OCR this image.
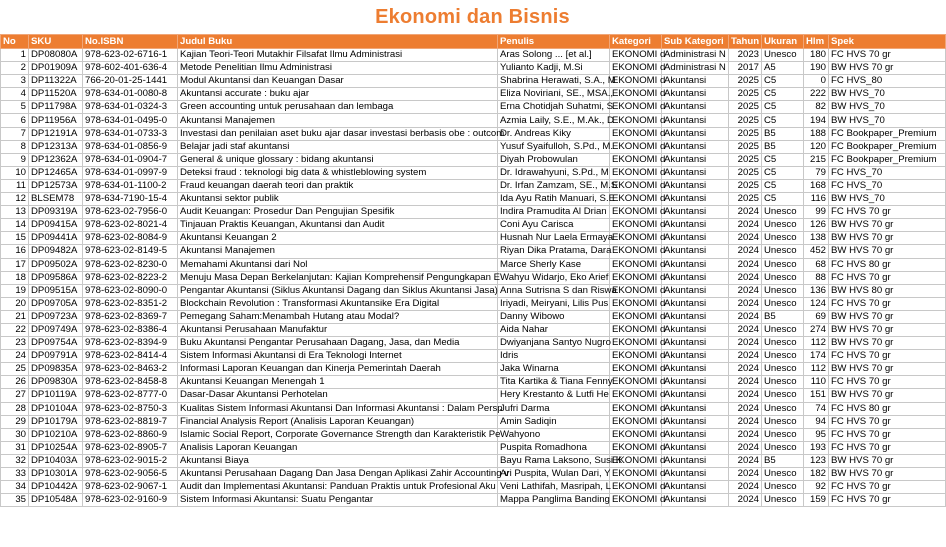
Ekonomi dan Bisnis
No	SKU	No.ISBN	Judul Buku	Penulis	Kategori	Sub Kategori	Tahun	Ukuran	Hlm	Spek
1	DP08080A	978-623-02-6716-1	Kajian Teori-Teori Mutakhir Filsafat Ilmu Administrasi	Aras Solong ... [et al.]	EKONOMI d	Administrasi N	2023	Unesco	180	FC HVS 70 gr
2	DP01909A	978-602-401-636-4	Metode Penelitian Ilmu Administrasi	Yulianto Kadji, M.Si	EKONOMI d	Administrasi N	2017	A5	190	BW HVS 70 gr
3	DP11322A	766-20-01-25-1441	Modul Akuntansi dan Keuangan Dasar	Shabrina Herawati, S.A., M	EKONOMI d	Akuntansi	2025	C5	0	FC HVS_80
4	DP11520A	978-634-01-0080-8	Akuntansi accurate : buku ajar	Eliza Noviriani, SE., MSA.,	EKONOMI d	Akuntansi	2025	C5	222	BW HVS_70
5	DP11798A	978-634-01-0324-3	Green accounting untuk perusahaan dan lembaga	Erna Chotidjah Suhatmi, S	EKONOMI d	Akuntansi	2025	C5	82	BW HVS_70
6	DP11956A	978-634-01-0495-0	Akuntansi Manajemen	Azmia Laily, S.E., M.Ak., D	EKONOMI d	Akuntansi	2025	C5	194	BW HVS_70
7	DP12191A	978-634-01-0733-3	Investasi dan penilaian aset buku ajar dasar investasi berbasis obe : outcom	Dr. Andreas Kiky	EKONOMI d	Akuntansi	2025	B5	188	FC Bookpaper_Premium
8	DP12313A	978-634-01-0856-9	Belajar jadi staf akuntansi	Yusuf Syaifulloh, S.Pd., M.	EKONOMI d	Akuntansi	2025	B5	120	FC Bookpaper_Premium
9	DP12362A	978-634-01-0904-7	General & unique glossary : bidang akuntansi	Diyah Probowulan	EKONOMI d	Akuntansi	2025	C5	215	FC Bookpaper_Premium
10	DP12465A	978-634-01-0997-9	Deteksi fraud : teknologi big data & whistleblowing system	Dr. Idrawahyuni, S.Pd., M	EKONOMI d	Akuntansi	2025	C5	79	FC HVS_70
11	DP12573A	978-634-01-1100-2	Fraud keuangan daerah teori dan praktik	Dr. Irfan Zamzam, SE., M.S	EKONOMI d	Akuntansi	2025	C5	168	FC HVS_70
12	BLSEM78	978-634-7190-15-4	Akuntansi sektor publik	Ida Ayu Ratih Manuari, S.E	EKONOMI d	Akuntansi	2025	C5	116	BW HVS_70
13	DP09319A	978-623-02-7956-0	Audit Keuangan: Prosedur Dan Pengujian Spesifik	Indira Pramudita Al Drian	EKONOMI d	Akuntansi	2024	Unesco	99	FC HVS 70 gr
14	DP09415A	978-623-02-8021-4	Tinjauan Praktis Keuangan, Akuntansi dan Audit	Coni Ayu Carisca	EKONOMI d	Akuntansi	2024	Unesco	126	BW HVS 70 gr
15	DP09441A	978-623-02-8084-9	Akuntansi Keuangan 2	Husnah Nur Laela Ermaya	EKONOMI d	Akuntansi	2024	Unesco	138	BW HVS 70 gr
16	DP09482A	978-623-02-8149-5	Akuntansi Manajemen	Riyan Dika Pratama, Dara	EKONOMI d	Akuntansi	2024	Unesco	452	BW HVS 70 gr
17	DP09502A	978-623-02-8230-0	Memahami Akuntansi dari Nol	Marce Sherly Kase	EKONOMI d	Akuntansi	2024	Unesco	68	FC HVS 80 gr
18	DP09586A	978-623-02-8223-2	Menuju Masa Depan Berkelanjutan: Kajian Komprehensif Pengungkapan E	Wahyu Widarjo, Eko Arief	EKONOMI d	Akuntansi	2024	Unesco	88	FC HVS 70 gr
19	DP09515A	978-623-02-8090-0	Pengantar Akuntansi (Siklus Akuntansi Dagang dan Siklus Akuntansi Jasa)	Anna Sutrisna S dan Riswa	EKONOMI d	Akuntansi	2024	Unesco	136	BW HVS 80 gr
20	DP09705A	978-623-02-8351-2	Blockchain Revolution : Transformasi Akuntansike Era Digital	Iriyadi, Meiryani, Lilis Pus	EKONOMI d	Akuntansi	2024	Unesco	124	FC HVS 70 gr
21	DP09723A	978-623-02-8369-7	Pemegang Saham:Menambah Hutang atau Modal?	Danny Wibowo	EKONOMI d	Akuntansi	2024	B5	69	BW HVS 70 gr
22	DP09749A	978-623-02-8386-4	Akuntansi Perusahaan Manufaktur	Aida Nahar	EKONOMI d	Akuntansi	2024	Unesco	274	BW HVS 70 gr
23	DP09754A	978-623-02-8394-9	Buku Akuntansi Pengantar Perusahaan Dagang, Jasa, dan Media	Dwiyanjana Santyo Nugro	EKONOMI d	Akuntansi	2024	Unesco	112	BW HVS 70 gr
24	DP09791A	978-623-02-8414-4	Sistem Informasi Akuntansi di Era Teknologi Internet	Idris	EKONOMI d	Akuntansi	2024	Unesco	174	FC HVS 70 gr
25	DP09835A	978-623-02-8463-2	Informasi Laporan Keuangan dan Kinerja Pemerintah Daerah	Jaka Winarna	EKONOMI d	Akuntansi	2024	Unesco	112	BW HVS 70 gr
26	DP09830A	978-623-02-8458-8	Akuntansi Keuangan Menengah 1	Tita Kartika & Tiana Fenny	EKONOMI d	Akuntansi	2024	Unesco	110	FC HVS 70 gr
27	DP10119A	978-623-02-8777-0	Dasar-Dasar Akuntansi Perhotelan	Hery Krestanto & Lutfi He	EKONOMI d	Akuntansi	2024	Unesco	151	BW HVS 70 gr
28	DP10104A	978-623-02-8750-3	Kualitas Sistem Informasi Akuntansi Dan Informasi Akuntansi : Dalam Persp	Jufri Darma	EKONOMI d	Akuntansi	2024	Unesco	74	FC HVS 80 gr
29	DP10179A	978-623-02-8819-7	Financial Analysis Report (Analisis Laporan Keuangan)	Amin Sadiqin	EKONOMI d	Akuntansi	2024	Unesco	94	FC HVS 70 gr
30	DP10210A	978-623-02-8860-9	Islamic Social Report, Corporate Governance Strength dan Karakteristik Pe	Wahyono	EKONOMI d	Akuntansi	2024	Unesco	95	FC HVS 70 gr
31	DP10254A	978-623-02-8905-7	Analisis Laporan Keuangan	Puspita Romadhona	EKONOMI d	Akuntansi	2024	Unesco	193	FC HVS 70 gr
32	DP10403A	978-623-02-9015-2	Akuntansi Biaya	Bayu Rama Laksono, Susi K	EKONOMI d	Akuntansi	2024	B5	123	BW HVS 70 gr
33	DP10301A	978-623-02-9056-5	Akuntansi Perusahaan Dagang Dan Jasa Dengan Aplikasi Zahir Accounting v	Ari Puspita, Wulan Dari, Y	EKONOMI d	Akuntansi	2024	Unesco	182	BW HVS 70 gr
34	DP10442A	978-623-02-9067-1	Audit dan Implementasi Akuntansi: Panduan Praktis untuk Profesional Aku	Veni Lathifah, Masripah, L	EKONOMI d	Akuntansi	2024	Unesco	92	FC HVS 70 gr
35	DP10548A	978-623-02-9160-9	Sistem Informasi Akuntansi: Suatu Pengantar	Mappa Panglima Banding	EKONOMI d	Akuntansi	2024	Unesco	159	FC HVS 70 gr
